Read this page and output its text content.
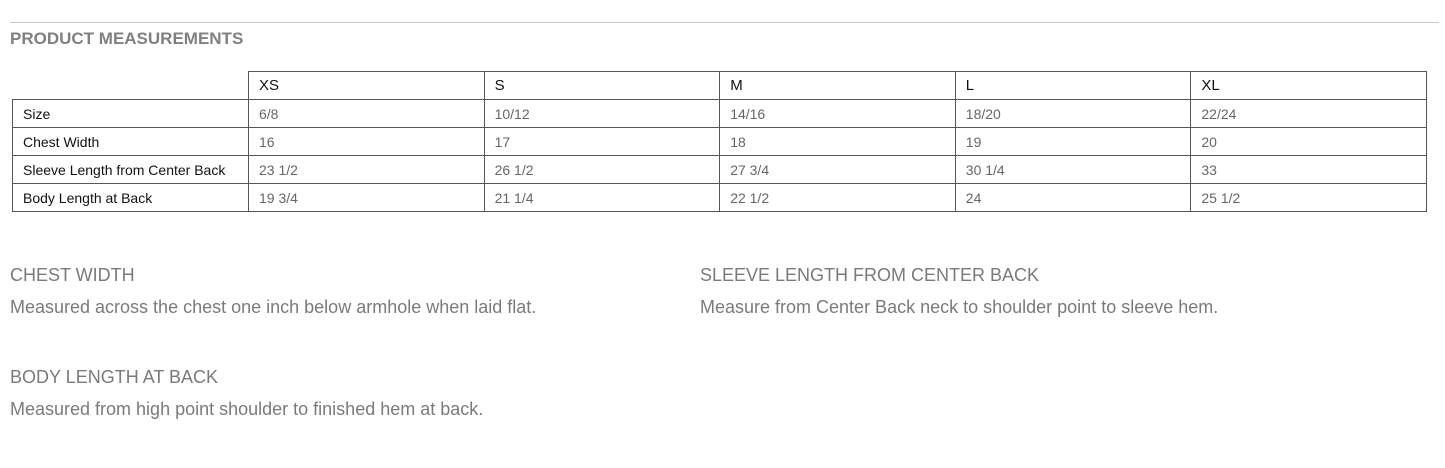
PRODUCT MEASUREMENTS
	XS	S	M	L	XL
Size	6/8	10/12	14/16	18/20	22/24
Chest Width	16	17	18	19	20
Sleeve Length from Center Back	23 1/2	26 1/2	27 3/4	30 1/4	33
Body Length at Back	19 3/4	21 1/4	22 1/2	24	25 1/2
CHEST WIDTH
Measured across the chest one inch below armhole when laid flat.
SLEEVE LENGTH FROM CENTER BACK
Measure from Center Back neck to shoulder point to sleeve hem.
BODY LENGTH AT BACK
Measured from high point shoulder to finished hem at back.
